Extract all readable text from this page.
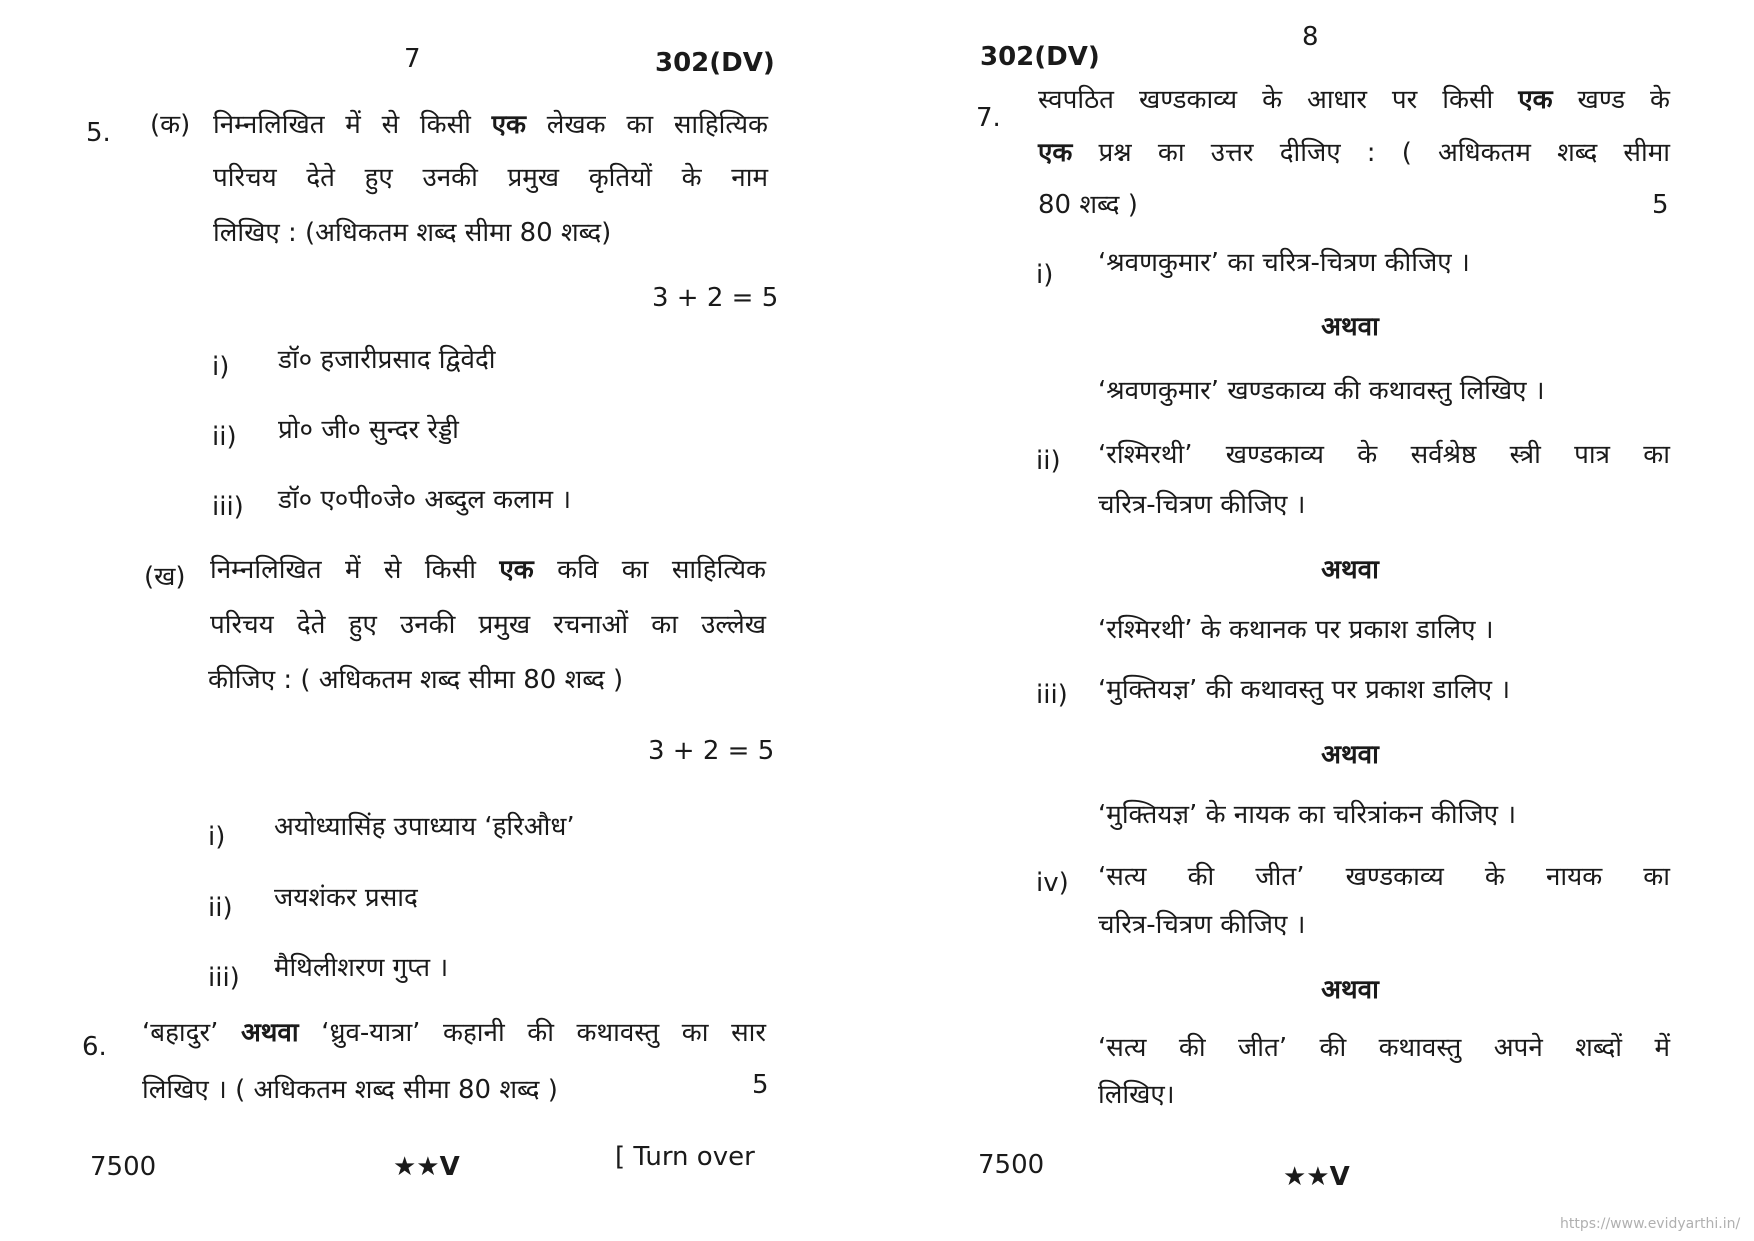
7	302(DV)
5. (क) निम्नलिखित में से किसी एक लेखक का साहित्यिक
परिचय देते हुए उनकी प्रमुख कृतियों के नाम
लिखिए : (अधिकतम शब्द सीमा 80 शब्द)
3 + 2 = 5
i) डॉ० हजारीप्रसाद द्विवेदी
ii) प्रो० जी० सुन्दर रेड्डी
iii) डॉ० ए०पी०जे० अब्दुल कलाम ।
(ख) निम्नलिखित में से किसी एक कवि का साहित्यिक
परिचय देते हुए उनकी प्रमुख रचनाओं का उल्लेख
कीजिए : ( अधिकतम शब्द सीमा 80 शब्द )
3 + 2 = 5
i) अयोध्यासिंह उपाध्याय ‘हरिऔध’
ii) जयशंकर प्रसाद
iii) मैथिलीशरण गुप्त ।
6. ‘बहादुर’ अथवा ‘ध्रुव-यात्रा’ कहानी की कथावस्तु का सार
लिखिए । ( अधिकतम शब्द सीमा 80 शब्द )	5
7500	★★V	[ Turn over
8
302(DV)
7.
स्वपठित खण्डकाव्य के आधार पर किसी एक खण्ड के
एक प्रश्न का उत्तर दीजिए : ( अधिकतम शब्द सीमा
80 शब्द )	5
i) ‘श्रवणकुमार’ का चरित्र-चित्रण कीजिए ।
अथवा
‘श्रवणकुमार’ खण्डकाव्य की कथावस्तु लिखिए ।
ii) ‘रश्मिरथी’ खण्डकाव्य के सर्वश्रेष्ठ स्त्री पात्र का
चरित्र-चित्रण कीजिए ।
अथवा
‘रश्मिरथी’ के कथानक पर प्रकाश डालिए ।
iii) ‘मुक्तियज्ञ’ की कथावस्तु पर प्रकाश डालिए ।
अथवा
‘मुक्तियज्ञ’ के नायक का चरित्रांकन कीजिए ।
iv) ‘सत्य की जीत’ खण्डकाव्य के नायक का
चरित्र-चित्रण कीजिए ।
अथवा
‘सत्य की जीत’ की कथावस्तु अपने शब्दों में
लिखिए।
7500	★★V
https://www.evidyarthi.in/
